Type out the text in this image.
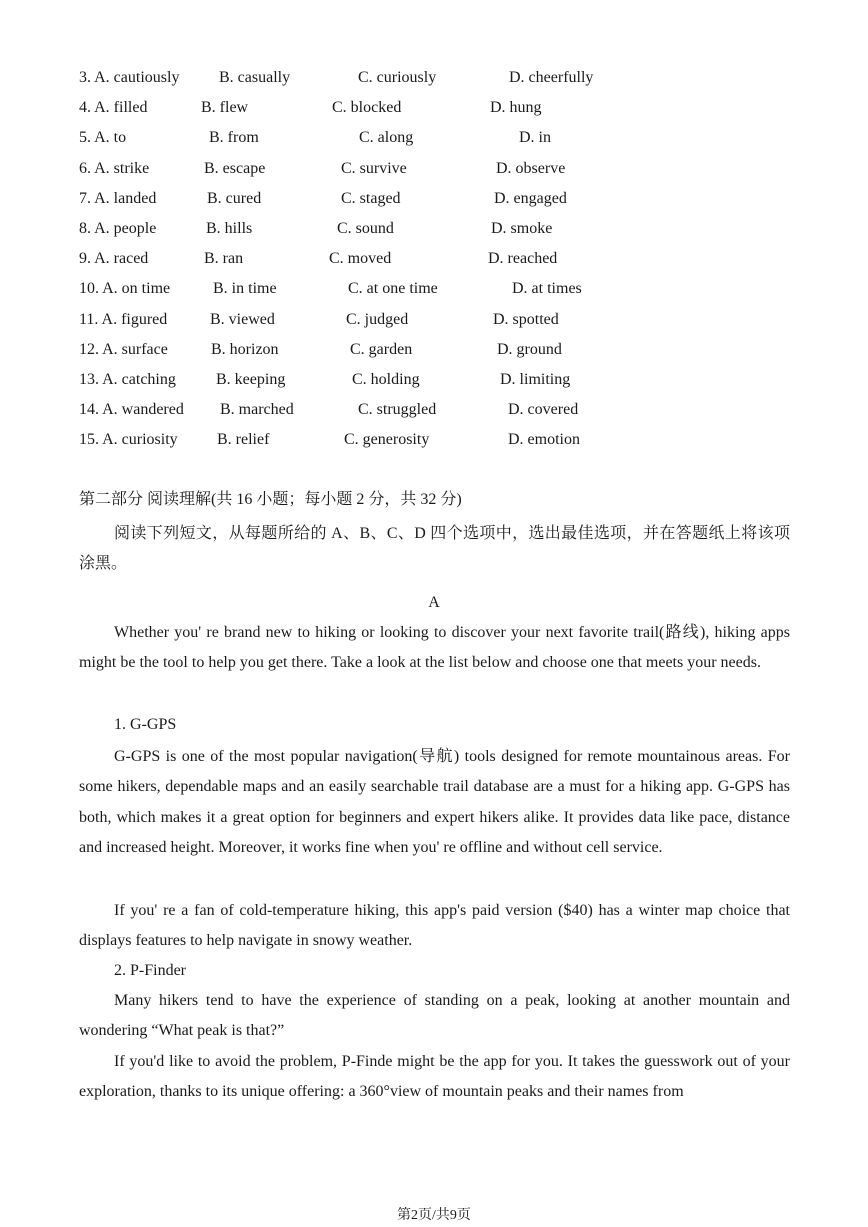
3. A. cautiously B. casually	C. curiously	D. cheerfully
4. A. filled	B. flew	C. blocked	D. hung
5. A. to	B. from	C. along	D. in
6. A. strike	B. escape	C. survive	D. observe
7. A. landed	B. cured	C. staged	D. engaged
8. A. people	B. hills	C. sound	D. smoke
9. A. raced	B. ran	C. moved	D. reached
10. A. on time	B. in time	C. at one time	D. at times
11. A. figured	B. viewed	C. judged	D. spotted
12. A. surface	B. horizon	C. garden	D. ground
13. A. catching	B. keeping	C. holding	D. limiting
14. A. wandered B. marched	C. struggled	D. covered
15. A. curiosity B. relief	C. generosity	D. emotion
第二部分 阅读理解(共 16 小题；每小题 2 分，共 32 分)

阅读下列短文，从每题所给的 A、B、C、D 四个选项中，选出最佳选项，并在答题纸上将该项涂黑。

A

Whether you' re brand new to hiking or looking to discover your next favorite trail(路线), hiking apps might be the tool to help you get there. Take a look at the list below and choose one that meets your needs.

1. G-GPS

G-GPS is one of the most popular navigation(导航) tools designed for remote mountainous areas. For some hikers, dependable maps and an easily searchable trail database are a must for a hiking app. G-GPS has both, which makes it a great option for beginners and expert hikers alike. It provides data like pace, distance and increased height. Moreover, it works fine when you' re offline and without cell service.

If you' re a fan of cold-temperature hiking, this app's paid version ($40) has a winter map choice that displays features to help navigate in snowy weather.

2. P-Finder

Many hikers tend to have the experience of standing on a peak, looking at another mountain and wondering “What peak is that?”

If you'd like to avoid the problem, P-Finde might be the app for you. It takes the guesswork out of your exploration, thanks to its unique offering: a 360°view of mountain peaks and their names from

第2页/共9页
